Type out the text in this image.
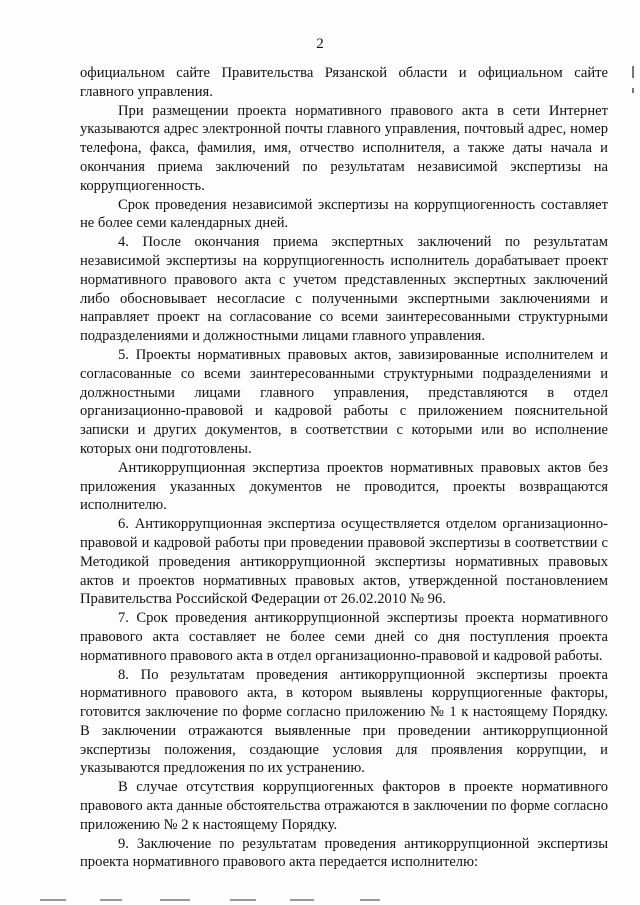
2

официальном сайте Правительства Рязанской области и официальном сайте главного управления.

При размещении проекта нормативного правового акта в сети Интернет указываются адрес электронной почты главного управления, почтовый адрес, номер телефона, факса, фамилия, имя, отчество исполнителя, а также даты начала и окончания приема заключений по результатам независимой экспертизы на коррупциогенность.

Срок проведения независимой экспертизы на коррупциогенность составляет не более семи календарных дней.

4. После окончания приема экспертных заключений по результатам независимой экспертизы на коррупциогенность исполнитель дорабатывает проект нормативного правового акта с учетом представленных экспертных заключений либо обосновывает несогласие с полученными экспертными заключениями и направляет проект на согласование со всеми заинтересованными структурными подразделениями и должностными лицами главного управления.

5. Проекты нормативных правовых актов, завизированные исполнителем и согласованные со всеми заинтересованными структурными подразделениями и должностными лицами главного управления, представляются в отдел организационно-правовой и кадровой работы с приложением пояснительной записки и других документов, в соответствии с которыми или во исполнение которых они подготовлены.

Антикоррупционная экспертиза проектов нормативных правовых актов без приложения указанных документов не проводится, проекты возвращаются исполнителю.

6. Антикоррупционная экспертиза осуществляется отделом организационно-правовой и кадровой работы при проведении правовой экспертизы в соответствии с Методикой проведения антикоррупционной экспертизы нормативных правовых актов и проектов нормативных правовых актов, утвержденной постановлением Правительства Российской Федерации от 26.02.2010 № 96.

7. Срок проведения антикоррупционной экспертизы проекта нормативного правового акта составляет не более семи дней со дня поступления проекта нормативного правового акта в отдел организационно-правовой и кадровой работы.

8. По результатам проведения антикоррупционной экспертизы проекта нормативного правового акта, в котором выявлены коррупциогенные факторы, готовится заключение по форме согласно приложению № 1 к настоящему Порядку. В заключении отражаются выявленные при проведении антикоррупционной экспертизы положения, создающие условия для проявления коррупции, и указываются предложения по их устранению.

В случае отсутствия коррупциогенных факторов в проекте нормативного правового акта данные обстоятельства отражаются в заключении по форме согласно приложению № 2 к настоящему Порядку.

9. Заключение по результатам проведения антикоррупционной экспертизы проекта нормативного правового акта передается исполнителю:
